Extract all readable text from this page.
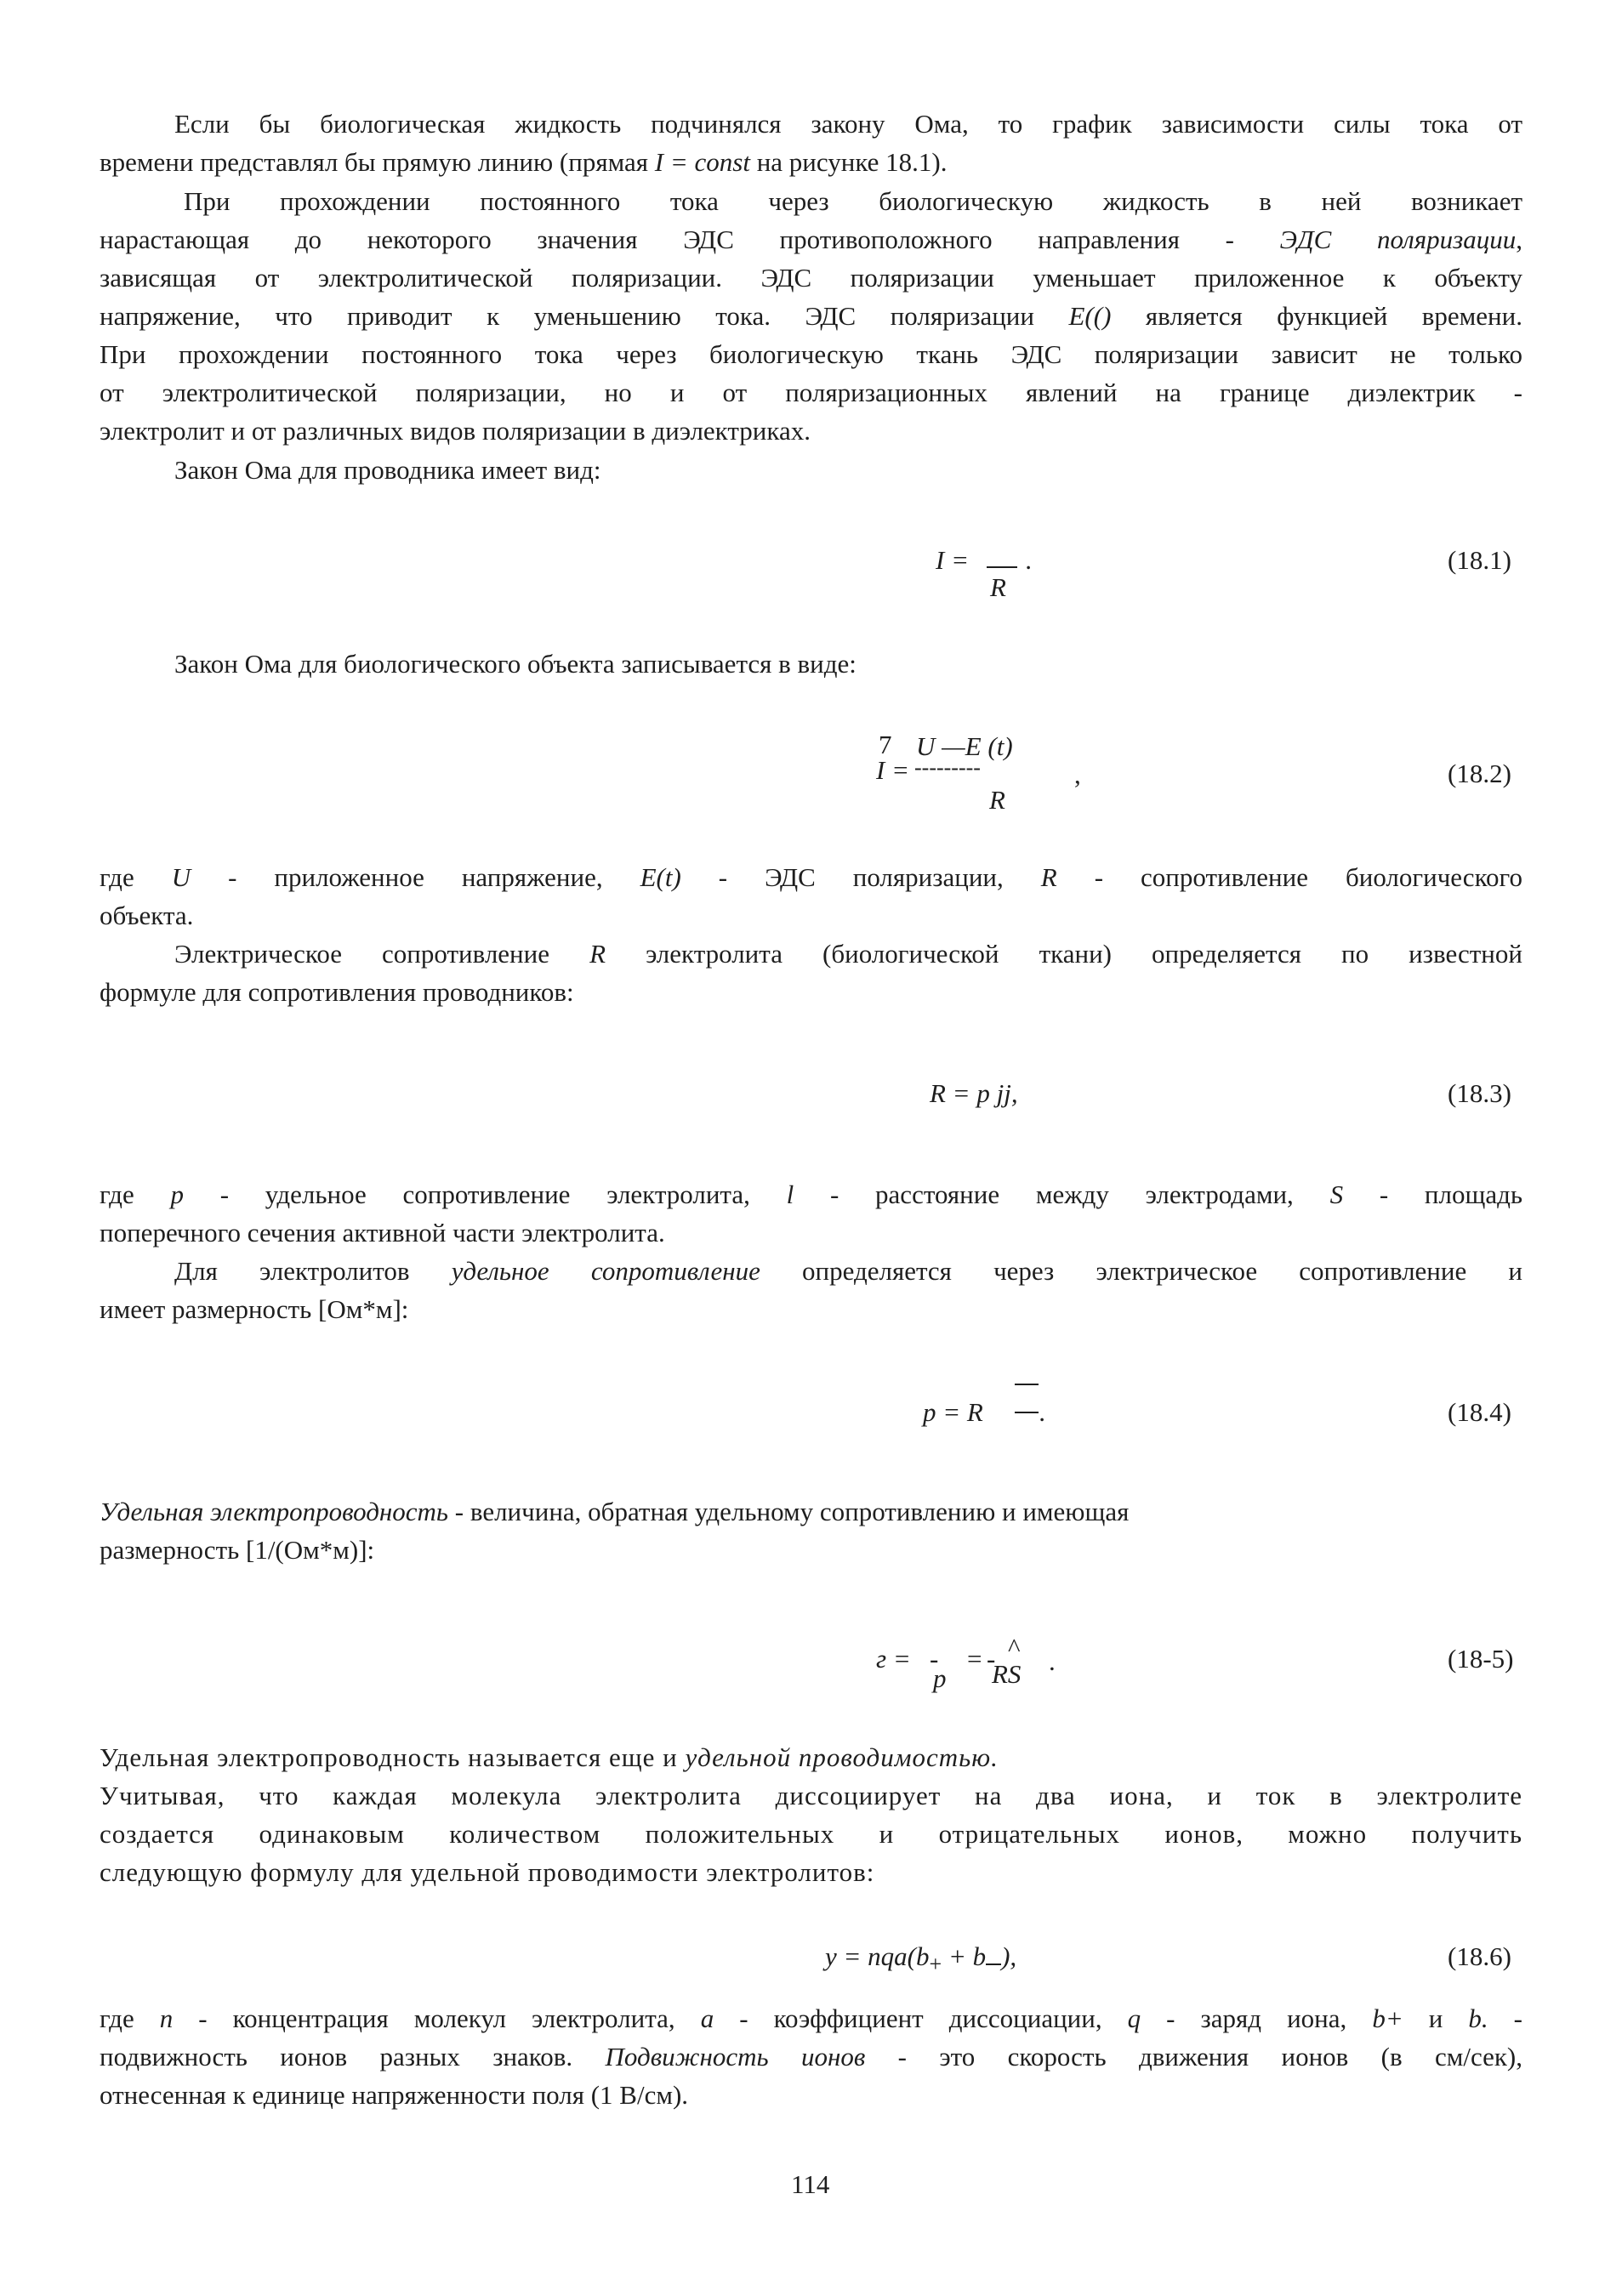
Если бы биологическая жидкость подчинялся закону Ома, то график зависимости силы тока от
времени представлял бы прямую линию (прямая I = const на рисунке 18.1).
При прохождении постоянного тока через биологическую жидкость в ней возникает
нарастающая до некоторого значения ЭДС противоположного направления - ЭДС поляризации,
зависящая от электролитической поляризации. ЭДС поляризации уменьшает приложенное к объекту
напряжение, что приводит к уменьшению тока. ЭДС поляризации E(() является функцией времени.
При прохождении постоянного тока через биологическую ткань ЭДС поляризации зависит не только
от электролитической поляризации, но и от поляризационных явлений на границе диэлектрик -
электролит и от различных видов поляризации в диэлектриках.
Закон Ома для проводника имеет вид:
I =
R
.	(18.1)
Закон Ома для биологического объекта записывается в виде:
7
I =
U —E (t)
---------
R
,	(18.2)
где U - приложенное напряжение, E(t) - ЭДС поляризации, R - сопротивление биологического
объекта.
Электрическое сопротивление R электролита (биологической ткани) определяется по известной
формуле для сопротивления проводников:
R = p jj,	(18.3)
где p - удельное сопротивление электролита, l - расстояние между электродами, S - площадь
поперечного сечения активной части электролита.
Для электролитов удельное сопротивление определяется через электрическое сопротивление и
имеет размерность [Ом*м]:
p = R .	(18.4)
Удельная электропроводность - величина, обратная удельному сопротивлению и имеющая
размерность [1/(Ом*м)]:
г = -
p
= - ^
RS .	(18-5)
Удельная электропроводность называется еще и удельной проводимостью.
Учитывая, что каждая молекула электролита диссоциирует на два иона, и ток в электролите
создается одинаковым количеством положительных и отрицательных ионов, можно получить
следующую формулу для удельной проводимости электролитов:
$y = nqa(b_+ + b$ ),	(18.6)
где n - концентрация молекул электролита, a - коэффициент диссоциации, q - заряд иона, b+ и b. -
подвижность ионов разных знаков. Подвижность ионов - это скорость движения ионов (в см/сек),
отнесенная к единице напряженности поля (1 В/см).
114
